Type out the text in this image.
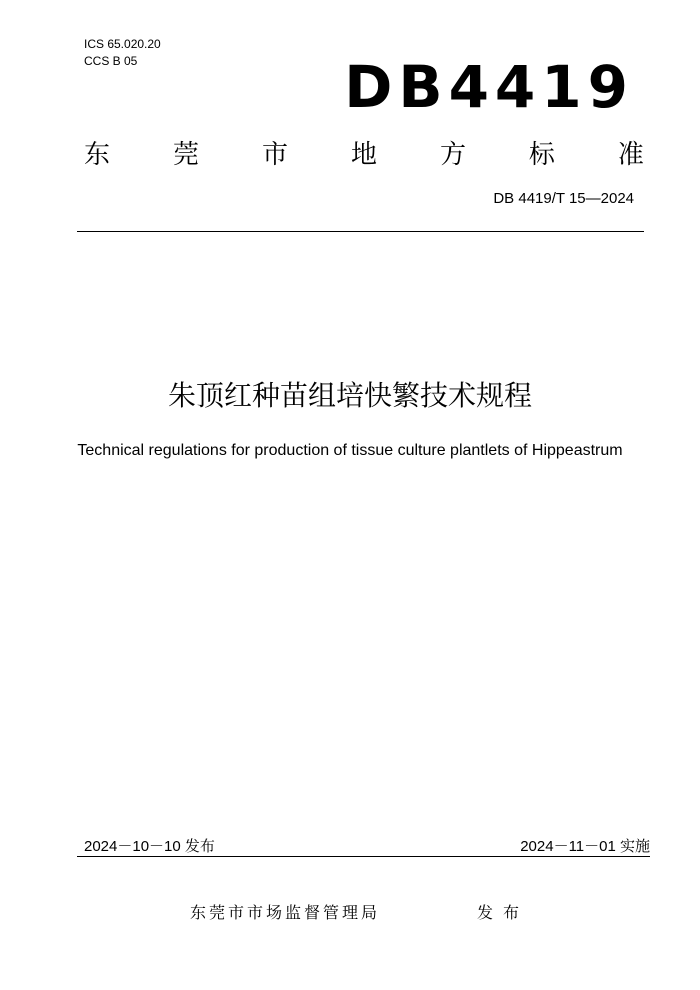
ICS 65.020.20
CCS B 05	DB4419
东 莞 市 地 方 标 准
DB 4419/T 15—2024
朱顶红种苗组培快繁技术规程
Technical regulations for production of tissue culture plantlets of Hippeastrum
2024－10－10 发布	2024－11－01 实施
东莞市市场监督管理局	发布
